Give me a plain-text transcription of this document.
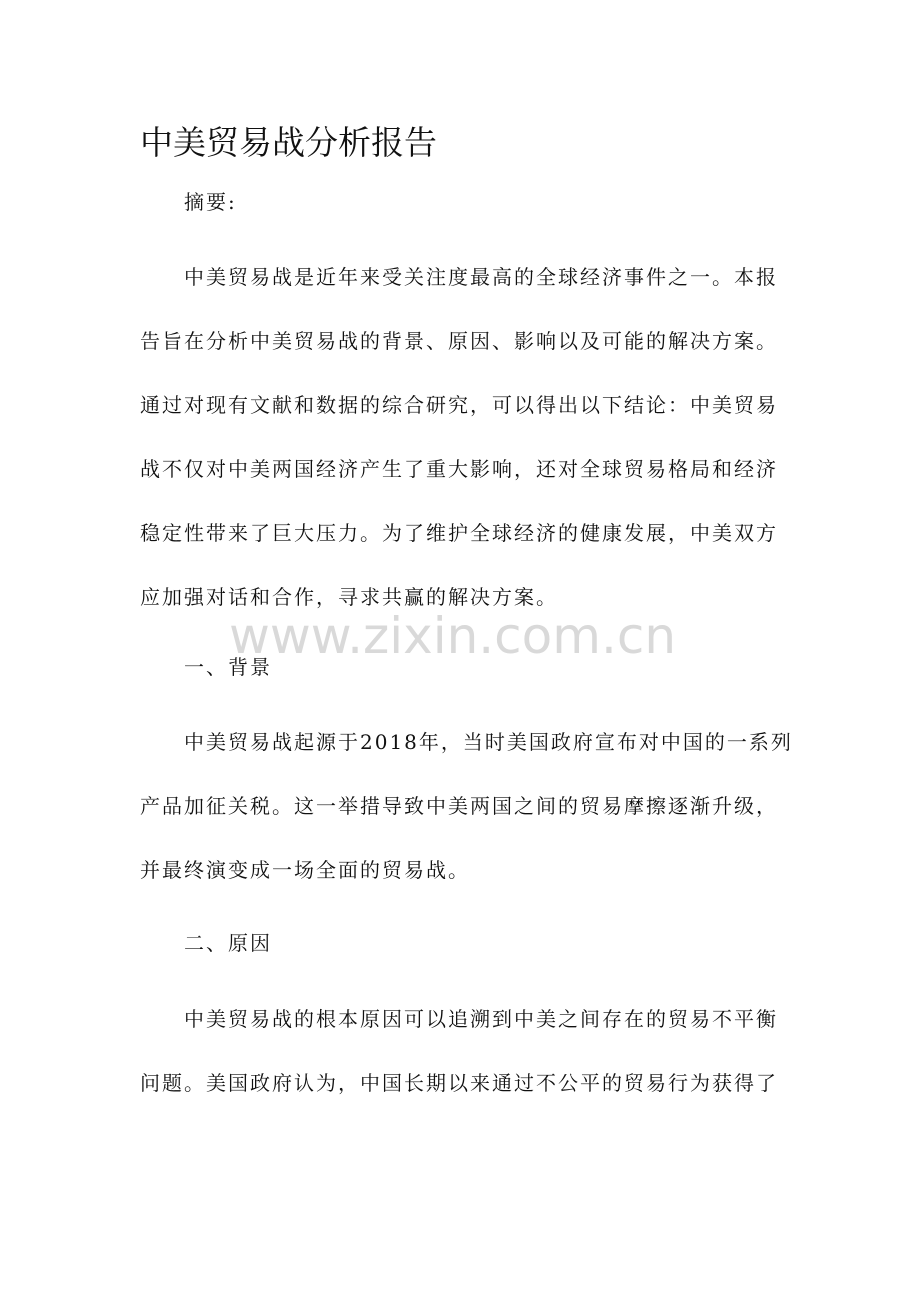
中美贸易战分析报告

摘要:

中美贸易战是近年来受关注度最高的全球经济事件之一。本报
告旨在分析中美贸易战的背景、原因、影响以及可能的解决方案。
通过对现有文献和数据的综合研究，可以得出以下结论：中美贸易
战不仅对中美两国经济产生了重大影响，还对全球贸易格局和经济
稳定性带来了巨大压力。为了维护全球经济的健康发展，中美双方
应加强对话和合作，寻求共赢的解决方案。

www.zixin.com.cn

一、背景

中美贸易战起源于2018年，当时美国政府宣布对中国的一系列
产品加征关税。这一举措导致中美两国之间的贸易摩擦逐渐升级，
并最终演变成一场全面的贸易战。

二、原因

中美贸易战的根本原因可以追溯到中美之间存在的贸易不平衡
问题。美国政府认为，中国长期以来通过不公平的贸易行为获得了
